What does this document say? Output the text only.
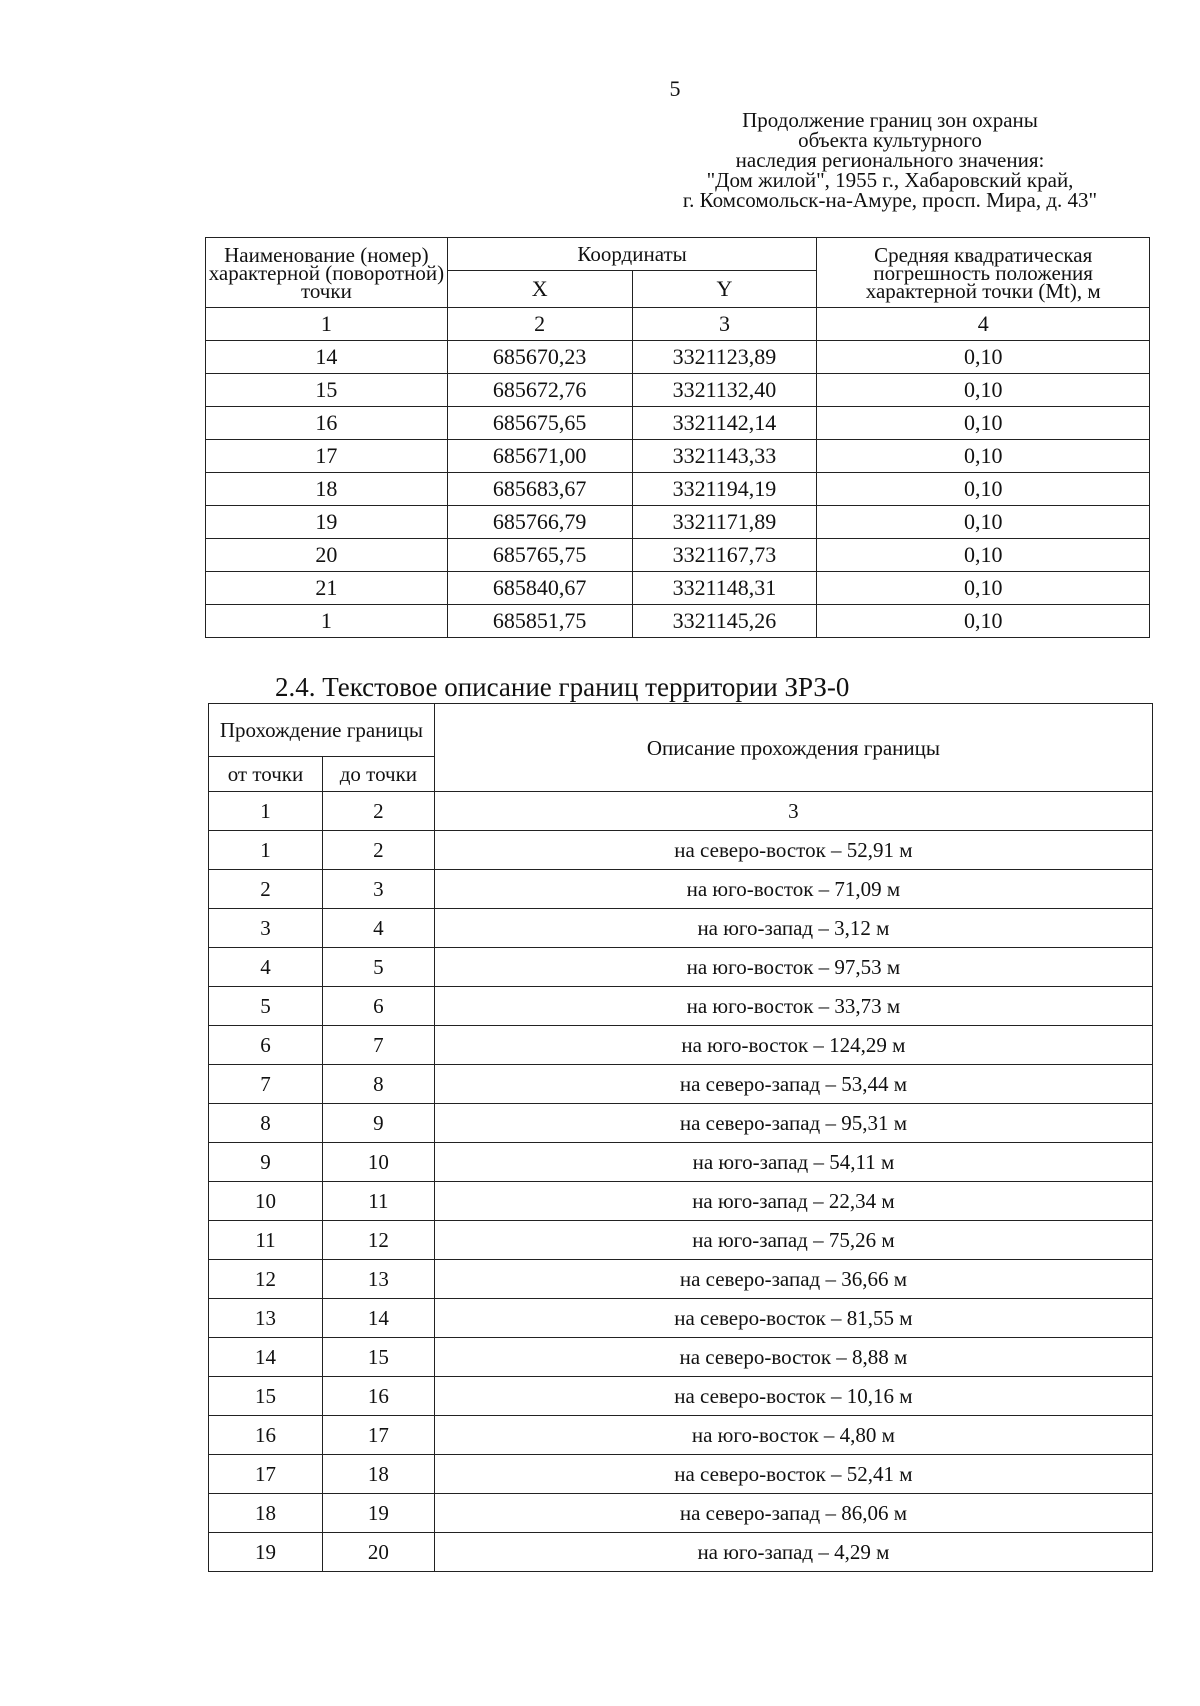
5
Продолжение границ зон охраны
объекта культурного
наследия регионального значения:
"Дом жилой", 1955 г., Хабаровский край,
г. Комсомольск-на-Амуре, просп. Мира, д. 43"
Наименование (номер) характерной (поворотной) точки	Координаты		Средняя квадратическая погрешность положения характерной точки (Mt), м
	X	Y	
1	2	3	4
14	685670,23	3321123,89	0,10
15	685672,76	3321132,40	0,10
16	685675,65	3321142,14	0,10
17	685671,00	3321143,33	0,10
18	685683,67	3321194,19	0,10
19	685766,79	3321171,89	0,10
20	685765,75	3321167,73	0,10
21	685840,67	3321148,31	0,10
1	685851,75	3321145,26	0,10
2.4. Текстовое описание границ территории ЗРЗ-0
Прохождение границы		Описание прохождения границы
от точки	до точки	
1	2	3
1	2	на северо-восток – 52,91 м
2	3	на юго-восток – 71,09 м
3	4	на юго-запад – 3,12 м
4	5	на юго-восток – 97,53 м
5	6	на юго-восток – 33,73 м
6	7	на юго-восток – 124,29 м
7	8	на северо-запад – 53,44 м
8	9	на северо-запад – 95,31 м
9	10	на юго-запад – 54,11 м
10	11	на юго-запад – 22,34 м
11	12	на юго-запад – 75,26 м
12	13	на северо-запад – 36,66 м
13	14	на северо-восток – 81,55 м
14	15	на северо-восток – 8,88 м
15	16	на северо-восток – 10,16 м
16	17	на юго-восток – 4,80 м
17	18	на северо-восток – 52,41 м
18	19	на северо-запад – 86,06 м
19	20	на юго-запад – 4,29 м
